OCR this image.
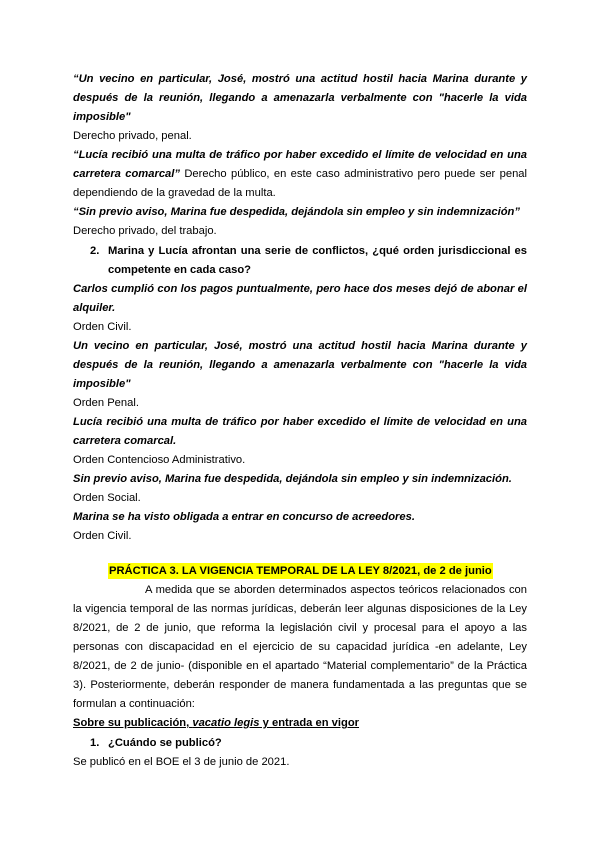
“Un vecino en particular, José, mostró una actitud hostil hacia Marina durante y después de la reunión, llegando a amenazarla verbalmente con "hacerle la vida imposible"

Derecho privado, penal.

“Lucía recibió una multa de tráfico por haber excedido el límite de velocidad en una carretera comarcal” Derecho público, en este caso administrativo pero puede ser penal dependiendo de la gravedad de la multa.

“Sin previo aviso, Marina fue despedida, dejándola sin empleo y sin indemnización”

Derecho privado, del trabajo.

2. Marina y Lucía afrontan una serie de conflictos, ¿qué orden jurisdiccional es competente en cada caso?

Carlos cumplió con los pagos puntualmente, pero hace dos meses dejó de abonar el alquiler.

Orden Civil.

Un vecino en particular, José, mostró una actitud hostil hacia Marina durante y después de la reunión, llegando a amenazarla verbalmente con "hacerle la vida imposible"

Orden Penal.

Lucía recibió una multa de tráfico por haber excedido el límite de velocidad en una carretera comarcal.

Orden Contencioso Administrativo.

Sin previo aviso, Marina fue despedida, dejándola sin empleo y sin indemnización.

Orden Social.

Marina se ha visto obligada a entrar en concurso de acreedores.

Orden Civil.

PRÁCTICA 3. LA VIGENCIA TEMPORAL DE LA LEY 8/2021, de 2 de junio

A medida que se aborden determinados aspectos teóricos relacionados con la vigencia temporal de las normas jurídicas, deberán leer algunas disposiciones de la Ley 8/2021, de 2 de junio, que reforma la legislación civil y procesal para el apoyo a las personas con discapacidad en el ejercicio de su capacidad jurídica -en adelante, Ley 8/2021, de 2 de junio- (disponible en el apartado “Material complementario” de la Práctica 3). Posteriormente, deberán responder de manera fundamentada a las preguntas que se formulan a continuación:

Sobre su publicación, vacatio legis y entrada en vigor

1. ¿Cuándo se publicó?

Se publicó en el BOE el 3 de junio de 2021.
